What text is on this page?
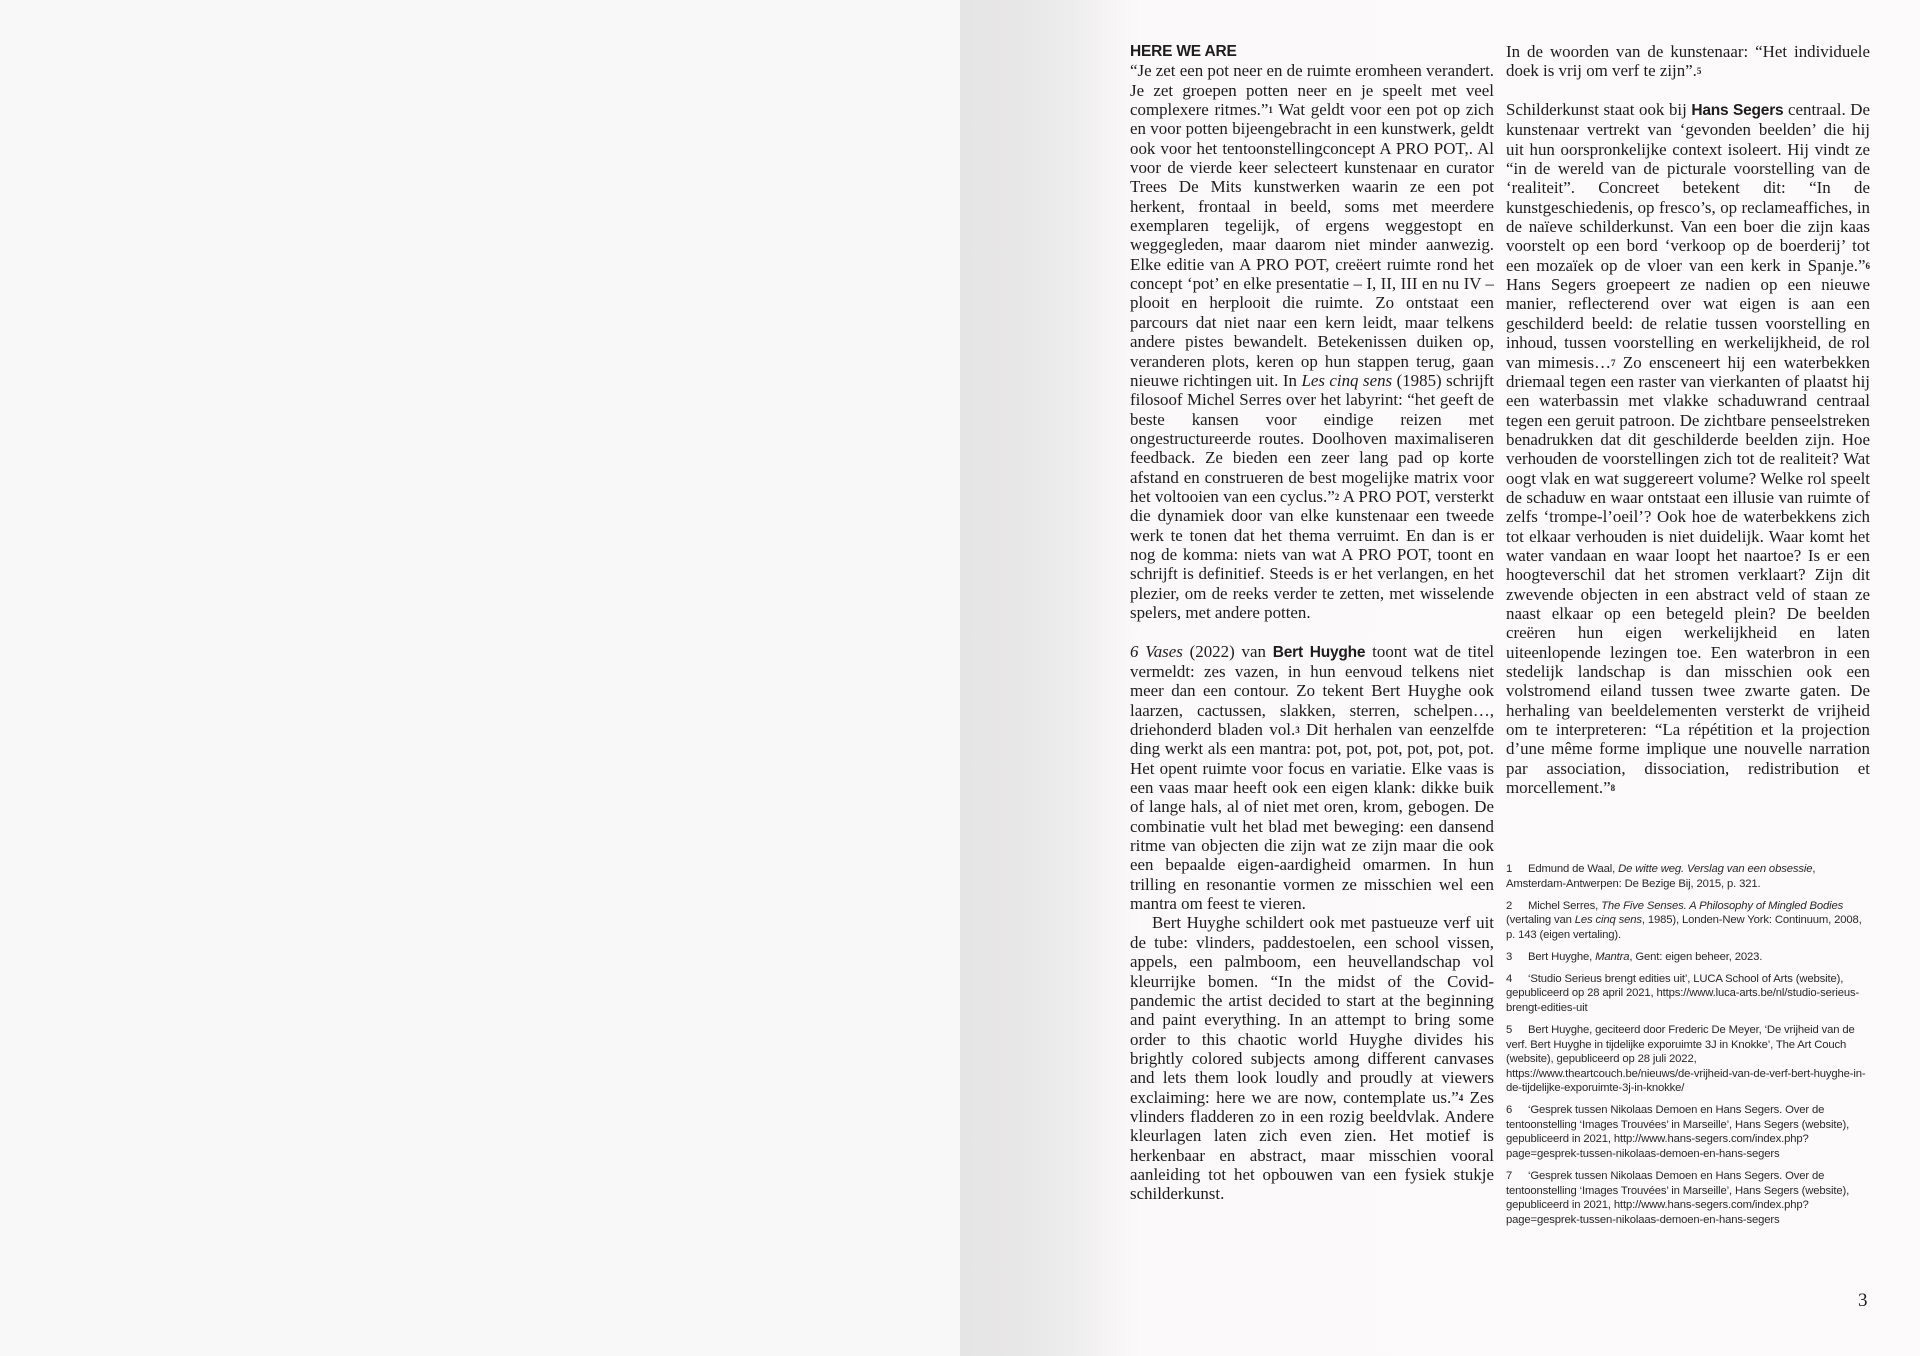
HERE WE ARE

“Je zet een pot neer en de ruimte eromheen verandert. Je zet groepen potten neer en je speelt met veel complexere ritmes.”$^1$ Wat geldt voor een pot op zich en voor potten bijeengebracht in een kunstwerk, geldt ook voor het tentoonstellingconcept A PRO POT,. Al voor de vierde keer selecteert kunstenaar en curator Trees De Mits kunstwerken waarin ze een pot herkent, frontaal in beeld, soms met meerdere exemplaren tegelijk, of ergens weggestopt en weggegleden, maar daarom niet minder aanwezig. Elke editie van A PRO POT, creëert ruimte rond het concept ‘pot’ en elke presentatie – I, II, III en nu IV – plooit en herplooit die ruimte. Zo ontstaat een parcours dat niet naar een kern leidt, maar telkens andere pistes bewandelt. Betekenissen duiken op, veranderen plots, keren op hun stappen terug, gaan nieuwe richtingen uit. In Les cinq sens (1985) schrijft filosoof Michel Serres over het labyrint: “het geeft de beste kansen voor eindige reizen met ongestructureerde routes. Doolhoven maximaliseren feedback. Ze bieden een zeer lang pad op korte afstand en construeren de best mogelijke matrix voor het voltooien van een cyclus.”$^2$ A PRO POT, versterkt die dynamiek door van elke kunstenaar een tweede werk te tonen dat het thema verruimt. En dan is er nog de komma: niets van wat A PRO POT, toont en schrijft is definitief. Steeds is er het verlangen, en het plezier, om de reeks verder te zetten, met wisselende spelers, met andere potten.

6 Vases (2022) van Bert Huyghe toont wat de titel vermeldt: zes vazen, in hun eenvoud telkens niet meer dan een contour. Zo tekent Bert Huyghe ook laarzen, cactussen, slakken, sterren, schelpen…, driehonderd bladen vol.$^3$ Dit herhalen van eenzelfde ding werkt als een mantra: pot, pot, pot, pot, pot, pot. Het opent ruimte voor focus en variatie. Elke vaas is een vaas maar heeft ook een eigen klank: dikke buik of lange hals, al of niet met oren, krom, gebogen. De combinatie vult het blad met beweging: een dansend ritme van objecten die zijn wat ze zijn maar die ook een bepaalde eigen-aardigheid omarmen. In hun trilling en resonantie vormen ze misschien wel een mantra om feest te vieren.

Bert Huyghe schildert ook met pastueuze verf uit de tube: vlinders, paddestoelen, een school vissen, appels, een palmboom, een heuvellandschap vol kleurrijke bomen. “In the midst of the Covid-pandemic the artist decided to start at the beginning and paint everything. In an attempt to bring some order to this chaotic world Huyghe divides his brightly colored subjects among different canvases and lets them look loudly and proudly at viewers exclaiming: here we are now, contemplate us.”$^4$ Zes vlinders fladderen zo in een rozig beeldvlak. Andere kleurlagen laten zich even zien. Het motief is herkenbaar en abstract, maar misschien vooral aanleiding tot het opbouwen van een fysiek stukje schilderkunst.

In de woorden van de kunstenaar: “Het individuele doek is vrij om verf te zijn”.$^5$

Schilderkunst staat ook bij Hans Segers centraal. De kunstenaar vertrekt van ‘gevonden beelden’ die hij uit hun oorspronkelijke context isoleert. Hij vindt ze “in de wereld van de picturale voorstelling van de ‘realiteit”. Concreet betekent dit: “In de kunstgeschiedenis, op fresco’s, op reclameaffiches, in de naïeve schilderkunst. Van een boer die zijn kaas voorstelt op een bord ‘verkoop op de boerderij’ tot een mozaïek op de vloer van een kerk in Spanje.”$^6$ Hans Segers groepeert ze nadien op een nieuwe manier, reflecterend over wat eigen is aan een geschilderd beeld: de relatie tussen voorstelling en inhoud, tussen voorstelling en werkelijkheid, de rol van mimesis…$^7$ Zo ensceneert hij een waterbekken driemaal tegen een raster van vierkanten of plaatst hij een waterbassin met vlakke schaduwrand centraal tegen een geruit patroon. De zichtbare penseelstreken benadrukken dat dit geschilderde beelden zijn. Hoe verhouden de voorstellingen zich tot de realiteit? Wat oogt vlak en wat suggereert volume? Welke rol speelt de schaduw en waar ontstaat een illusie van ruimte of zelfs ‘trompe-l’oeil’? Ook hoe de waterbekkens zich tot elkaar verhouden is niet duidelijk. Waar komt het water vandaan en waar loopt het naartoe? Is er een hoogteverschil dat het stromen verklaart? Zijn dit zwevende objecten in een abstract veld of staan ze naast elkaar op een betegeld plein? De beelden creëren hun eigen werkelijkheid en laten uiteenlopende lezingen toe. Een waterbron in een stedelijk landschap is dan misschien ook een volstromend eiland tussen twee zwarte gaten. De herhaling van beeldelementen versterkt de vrijheid om te interpreteren: “La répétition et la projection d’une même forme implique une nouvelle narration par association, dissociation, redistribution et morcellement.”$^8$

1 Edmund de Waal, De witte weg. Verslag van een obsessie, Amsterdam-Antwerpen: De Bezige Bij, 2015, p. 321.

2 Michel Serres, The Five Senses. A Philosophy of Mingled Bodies (vertaling van Les cinq sens, 1985), Londen-New York: Continuum, 2008, p. 143 (eigen vertaling).

3 Bert Huyghe, Mantra, Gent: eigen beheer, 2023.

4 ‘Studio Serieus brengt edities uit’, LUCA School of Arts (website), gepubliceerd op 28 april 2021, https://www.luca-arts.be/nl/studio-serieus-brengt-edities-uit

5 Bert Huyghe, geciteerd door Frederic De Meyer, ‘De vrijheid van de verf. Bert Huyghe in tijdelijke exporuimte 3J in Knokke’, The Art Couch (website), gepubliceerd op 28 juli 2022, https://www.theartcouch.be/nieuws/de-vrijheid-van-de-verf-bert-huyghe-in-de-tijdelijke-exporuimte-3j-in-knokke/

6 ‘Gesprek tussen Nikolaas Demoen en Hans Segers. Over de tentoonstelling ‘Images Trouvées’ in Marseille’, Hans Segers (website), gepubliceerd in 2021, http://www.hans-segers.com/index.php?page=gesprek-tussen-nikolaas-demoen-en-hans-segers

7 ‘Gesprek tussen Nikolaas Demoen en Hans Segers. Over de tentoonstelling ‘Images Trouvées’ in Marseille’, Hans Segers (website), gepubliceerd in 2021, http://www.hans-segers.com/index.php?page=gesprek-tussen-nikolaas-demoen-en-hans-segers

3
